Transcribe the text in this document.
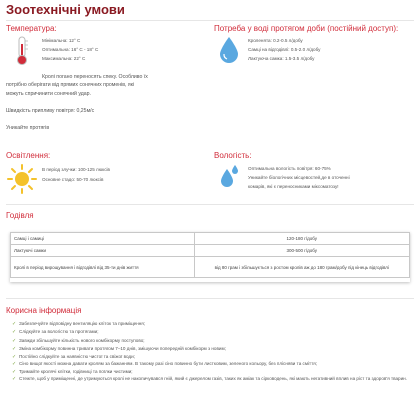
Зоотехнічні умови
Температура:
Мінімальна: 12° С
Оптимальна: 16° С - 18° С
Максимальна: 22° С
Кролі погано переносять спеку. Особливо їх
потрібно оберігати від прямих сонячних променів, які
можуть спричинити сонячний удар.
Швидкість припливу повітря: 0,25м/с
Уникайте протягів
Потреба у воді протягом доби (постійний доступ):
Кроленята: 0.2-0.5 л/добу
Самці на відгодівлі: 0.5-2.0 л/добу
Лактуюча самка: 1.5-3.5 л/добу
Освітлення:
В період злучки: 100-125 люксів
Основне стадо: 50-70 люксів
Вологість:
Оптимальна вологість повітря: 60-75%
Уникайте біологічних місцевостей,де в оточенні
комарів, які є переносниками міксоматозу!
Годівля
Самці і самиці	120-180 г/добу
Лактуючі самки	300-500 г/добу
Кролі в період вирощування і відгодівлі від 35-ти днів життя	від 80 грам і збільшується з ростом кролів аж до 180 грам/добу під кінець відгодівлі
Корисна інформація
✓ Забезпечуйте відповідну вентиляцію кліток та приміщення;
✓ Слідкуйте за вологістю та протягами;
✓ Завжди збільшуйте кількість нового комбікорму поступово;
✓ Зміна комбікорму повинна тривати протягом 7–10 днів, змішуючи попередній комбікорм з новим;
✓ Постійно слідкуйте за наявністю чистої та свіжої води;
✓ Сіно вищої якості можна давати кролям за бажанням. В такому разі сіно повинно бути листковим, зеленого кольору, без плісняви та сміття;
✓ Тримайте кролячі клітки, годівниці та поїлки чистими;
✓ Стежте, щоб у приміщенні, де утримуються кролі не накопичувався гній, який є джерелом газів, таких як аміак та сірководень, які мають негативний вплив на ріст та здоров'я тварин.
